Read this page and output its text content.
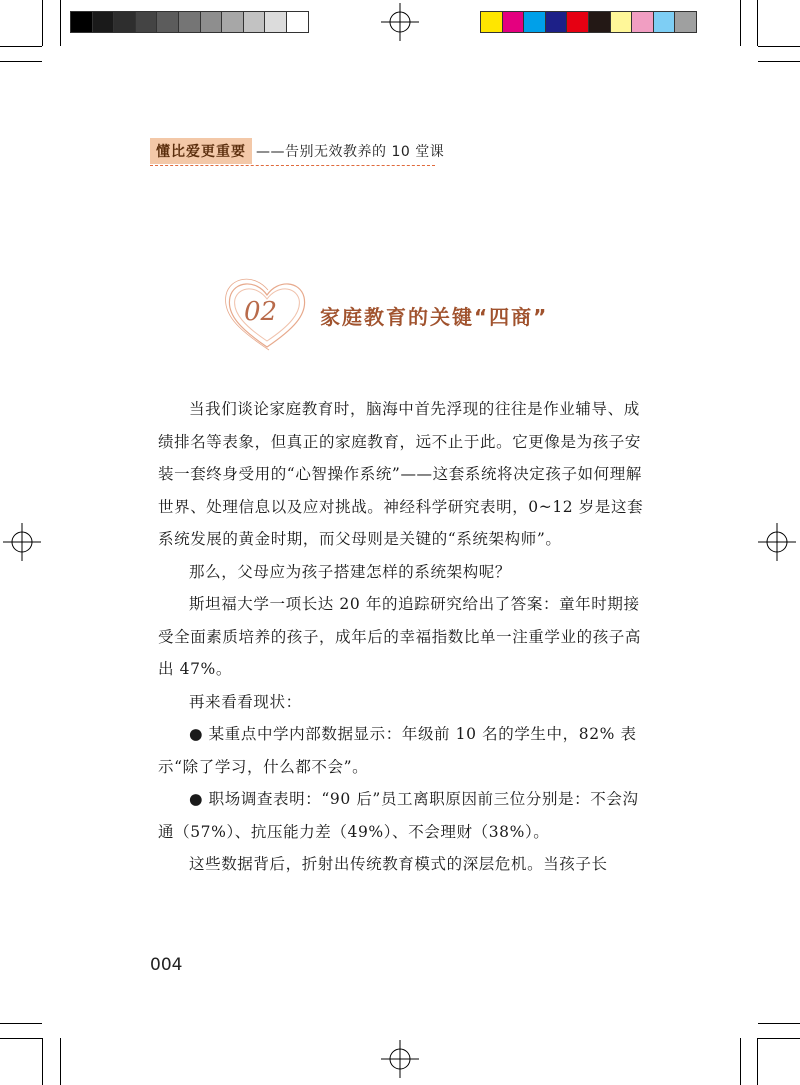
懂比爱更重要 ——告别无效教养的 10 堂课
02 家庭教育的关键“四商”

当我们谈论家庭教育时，脑海中首先浮现的往往是作业辅导、成绩排名等表象，但真正的家庭教育，远不止于此。它更像是为孩子安装一套终身受用的“心智操作系统”——这套系统将决定孩子如何理解世界、处理信息以及应对挑战。神经科学研究表明，0~12 岁是这套系统发展的黄金时期，而父母则是关键的“系统架构师”。

那么，父母应为孩子搭建怎样的系统架构呢？

斯坦福大学一项长达 20 年的追踪研究给出了答案：童年时期接受全面素质培养的孩子，成年后的幸福指数比单一注重学业的孩子高出 47%。

再来看看现状：

● 某重点中学内部数据显示：年级前 10 名的学生中，82% 表示“除了学习，什么都不会”。

● 职场调查表明：“90 后”员工离职原因前三位分别是：不会沟通（57%）、抗压能力差（49%）、不会理财（38%）。

这些数据背后，折射出传统教育模式的深层危机。当孩子长

004
